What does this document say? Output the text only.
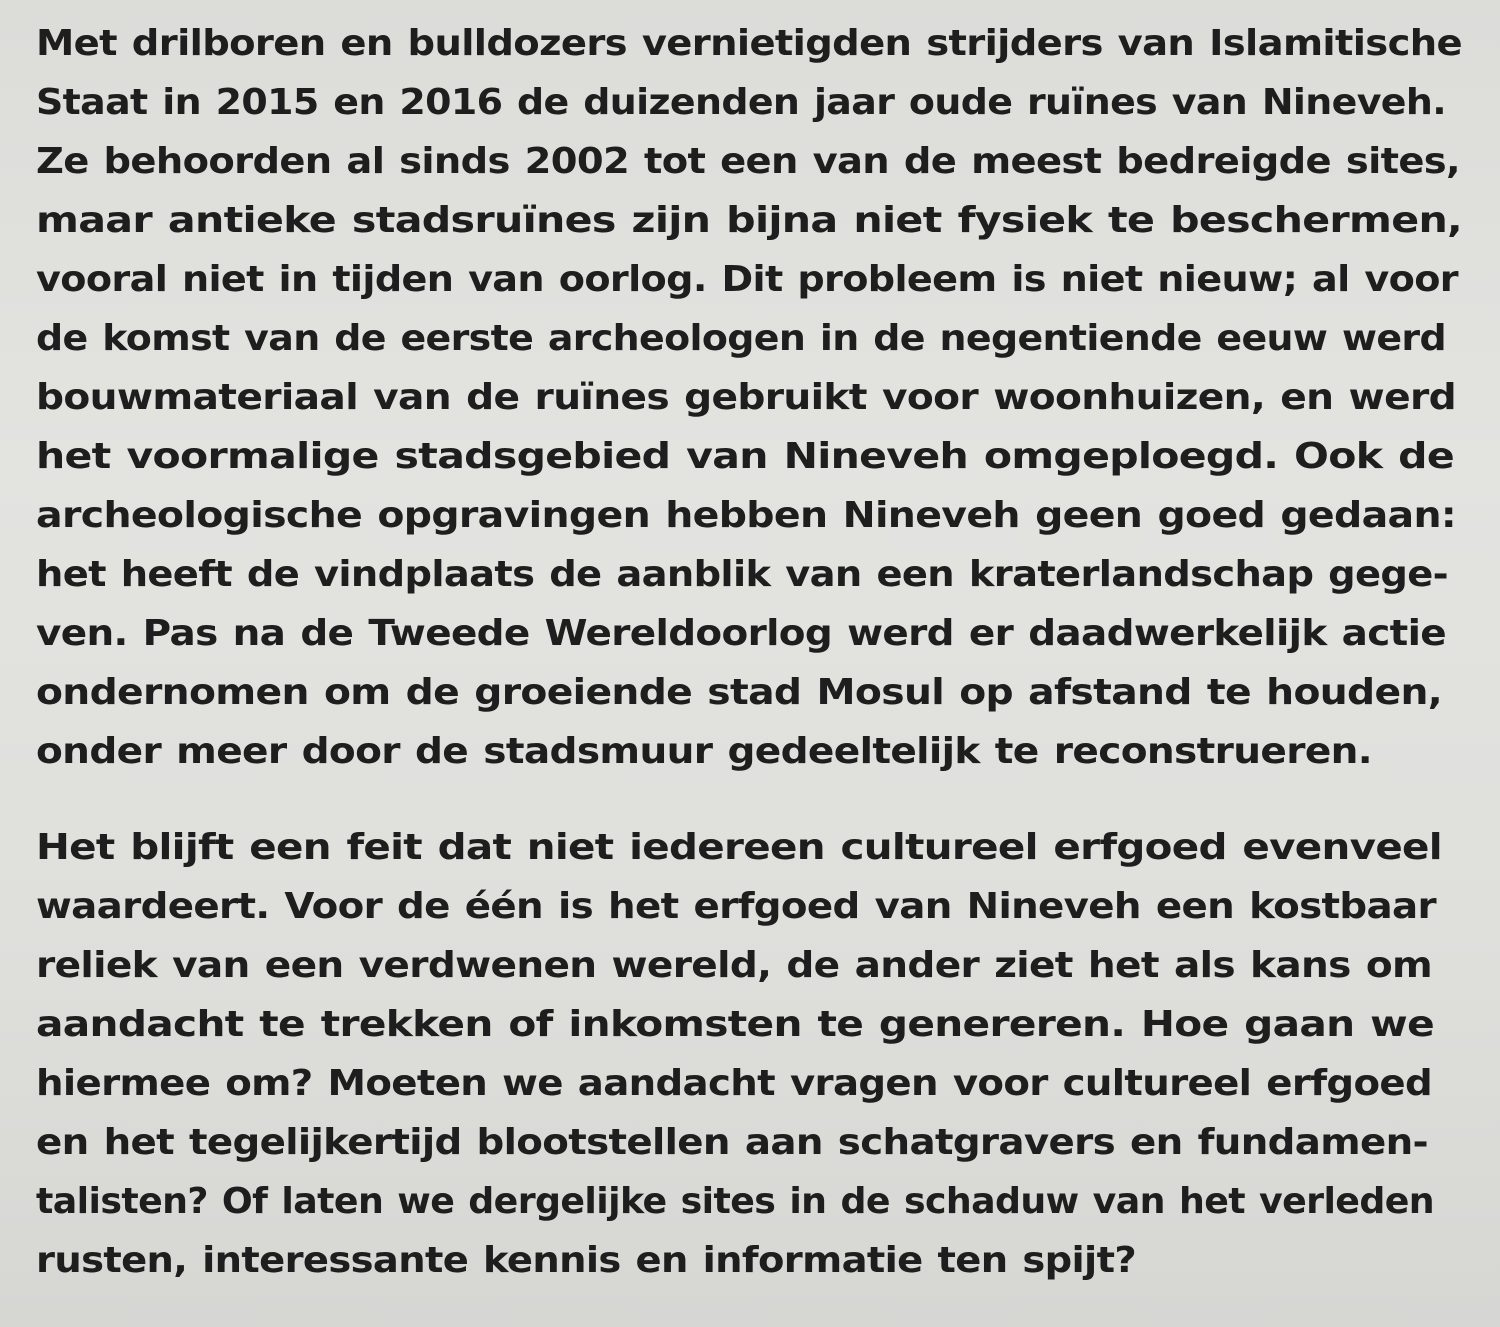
Met drilboren en bulldozers vernietigden strijders van Islamitische
Staat in 2015 en 2016 de duizenden jaar oude ruïnes van Nineveh.
Ze behoorden al sinds 2002 tot een van de meest bedreigde sites,
maar antieke stadsruïnes zijn bijna niet fysiek te beschermen,
vooral niet in tijden van oorlog. Dit probleem is niet nieuw; al voor
de komst van de eerste archeologen in de negentiende eeuw werd
bouwmateriaal van de ruïnes gebruikt voor woonhuizen, en werd
het voormalige stadsgebied van Nineveh omgeploegd. Ook de
archeologische opgravingen hebben Nineveh geen goed gedaan:
het heeft de vindplaats de aanblik van een kraterlandschap gege-
ven. Pas na de Tweede Wereldoorlog werd er daadwerkelijk actie
ondernomen om de groeiende stad Mosul op afstand te houden,
onder meer door de stadsmuur gedeeltelijk te reconstrueren.
Het blijft een feit dat niet iedereen cultureel erfgoed evenveel
waardeert. Voor de één is het erfgoed van Nineveh een kostbaar
reliek van een verdwenen wereld, de ander ziet het als kans om
aandacht te trekken of inkomsten te genereren. Hoe gaan we
hiermee om? Moeten we aandacht vragen voor cultureel erfgoed
en het tegelijkertijd blootstellen aan schatgravers en fundamen-
talisten? Of laten we dergelijke sites in de schaduw van het verleden
rusten, interessante kennis en informatie ten spijt?
